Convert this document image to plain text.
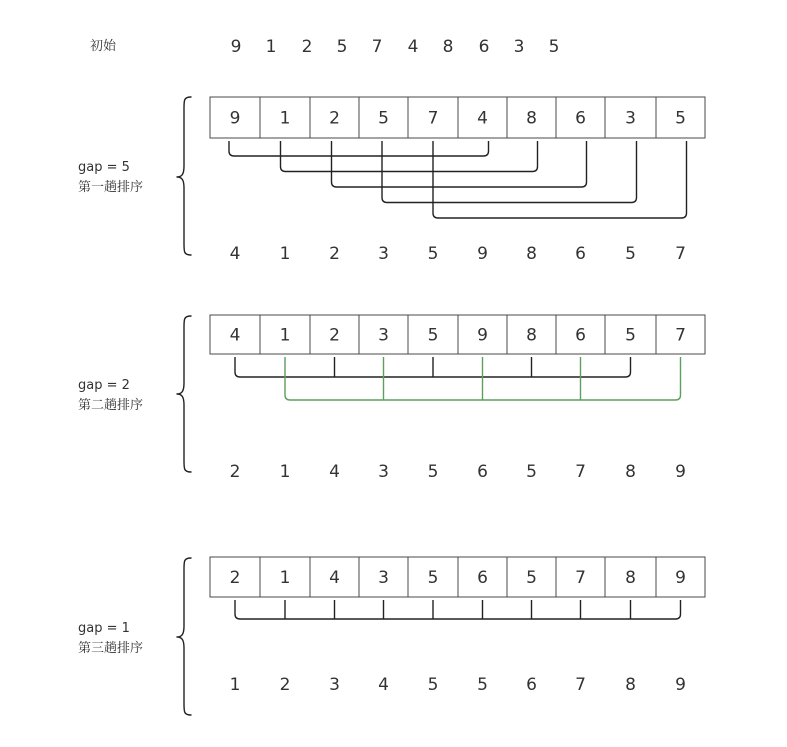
初始	9 1 2 5 7 4 8 6 3 5
gap = 5
第一趟排序
9 1 2 5 7 4 8 6 3 5
4 1 2 3 5 9 8 6 5 7
gap = 2
第二趟排序
4 1 2 3 5 9 8 6 5 7
2 1 4 3 5 6 5 7 8 9
gap = 1
第三趟排序
2 1 4 3 5 6 5 7 8 9
1 2 3 4 5 5 6 7 8 9
